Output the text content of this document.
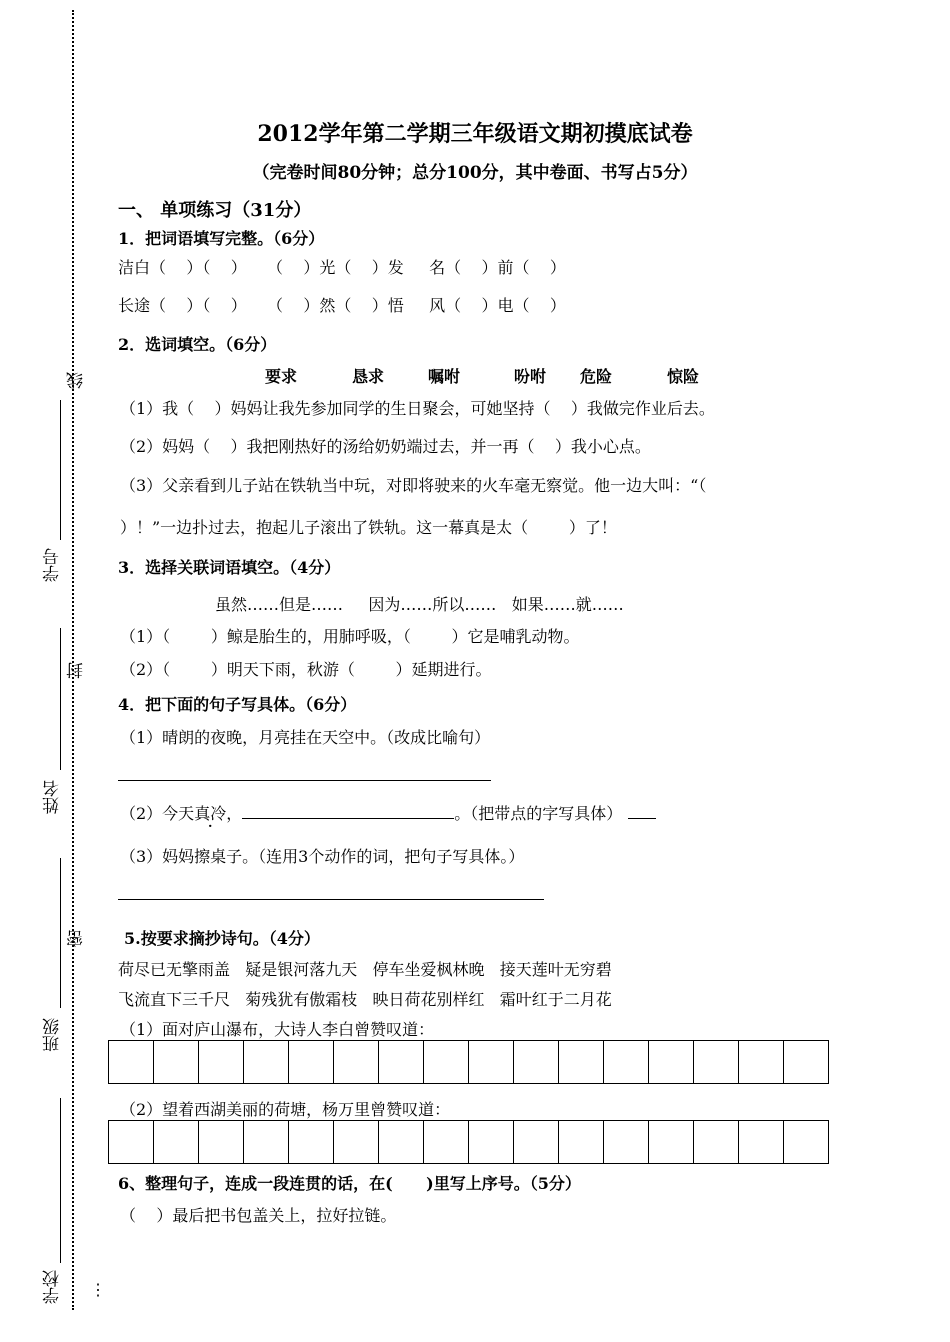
⋮
线
封
密
学号
姓名
班级
学校
2012学年第二学期三年级语文期初摸底试卷
（完卷时间80分钟；总分100分，其中卷面、书写占5分）
一、 单项练习（31分）
1．把词语填写完整。（6分）
洁白（    ）（    ）    （    ）光（    ）发     名（    ）前（    ）
长途（    ）（    ）    （    ）然（    ）悟     风（    ）电（    ）
2．选词填空。（6分）
要求	恳求	嘱咐	吩咐 危险	惊险
（1）我（    ）妈妈让我先参加同学的生日聚会，可她坚持（    ）我做完作业后去。
（2）妈妈（    ）我把刚热好的汤给奶奶端过去，并一再（    ）我小心点。
（3）父亲看到儿子站在铁轨当中玩，对即将驶来的火车毫无察觉。他一边大叫：“（
）！”一边扑过去，抱起儿子滚出了铁轨。这一幕真是太（        ）了！
3．选择关联词语填空。（4分）
虽然……但是……     因为……所以……   如果……就……
（1）（        ）鲸是胎生的，用肺呼吸，（        ）它是哺乳动物。
（2）（        ）明天下雨，秋游（        ）延期进行。
4．把下面的句子写具体。（6分）
（1）晴朗的夜晚，月亮挂在天空中。（改成比喻句）
（2）今天真冷，	。（把带点的字写具体）
（3）妈妈擦桌子。（连用3个动作的词，把句子写具体。）
5.按要求摘抄诗句。（4分）
荷尽已无擎雨盖   疑是银河落九天   停车坐爱枫林晚   接天莲叶无穷碧
飞流直下三千尺   菊残犹有傲霜枝   映日荷花别样红   霜叶红于二月花
（1）面对庐山瀑布，大诗人李白曾赞叹道：
（2）望着西湖美丽的荷塘，杨万里曾赞叹道：
6、整理句子，连成一段连贯的话，在(      )里写上序号。（5分）
（    ）最后把书包盖关上，拉好拉链。
